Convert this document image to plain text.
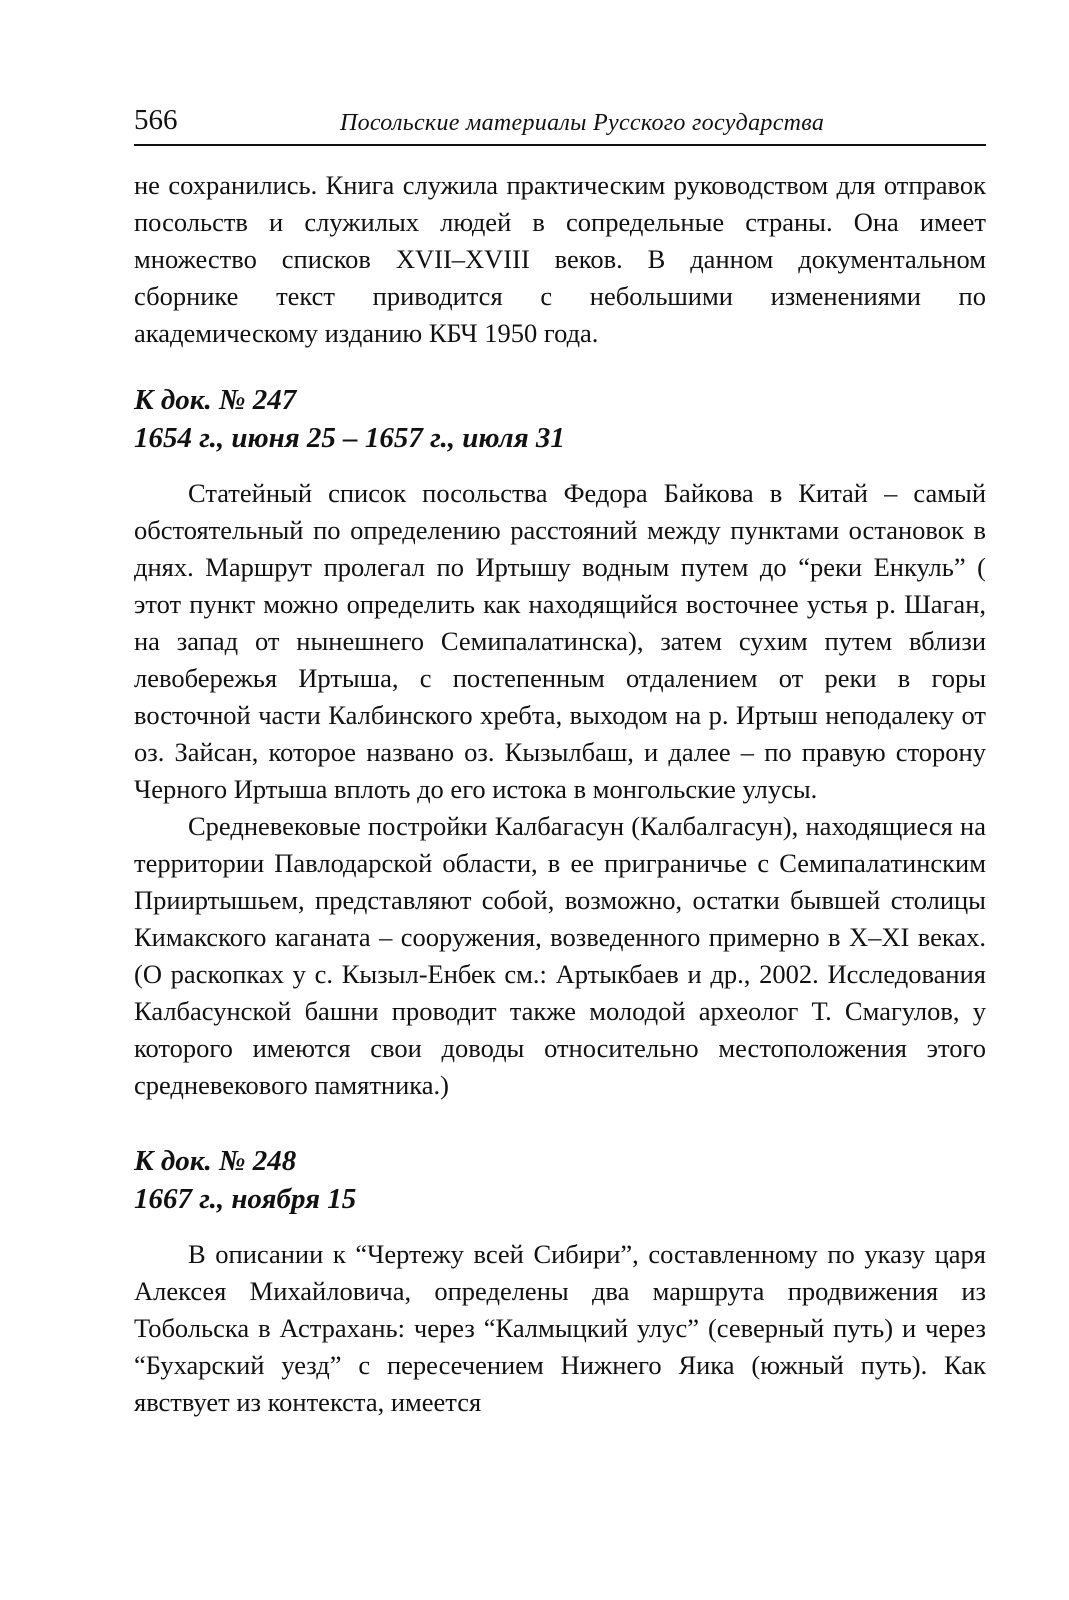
566	Посольские материалы Русского государства

не сохранились. Книга служила практическим руководством для отправок посольств и служилых людей в сопредельные страны. Она имеет множество списков XVII–XVIII веков. В данном документальном сборнике текст приводится с небольшими изменениями по академическому изданию КБЧ 1950 года.

К док. № 247
1654 г., июня 25 – 1657 г., июля 31

Статейный список посольства Федора Байкова в Китай – самый обстоятельный по определению расстояний между пунктами остановок в днях. Маршрут пролегал по Иртышу водным путем до “реки Енкуль” ( этот пункт можно определить как находящийся восточнее устья р. Шаган, на запад от нынешнего Семипалатинска), затем сухим путем вблизи левобережья Иртыша, с постепенным отдалением от реки в горы восточной части Калбинского хребта, выходом на р. Иртыш неподалеку от оз. Зайсан, которое названо оз. Кызылбаш, и далее – по правую сторону Черного Иртыша вплоть до его истока в монгольские улусы.

Средневековые постройки Калбагасун (Калбалгасун), находящиеся на территории Павлодарской области, в ее приграничье с Семипалатинским Прииртышьем, представляют собой, возможно, остатки бывшей столицы Кимакского каганата – сооружения, возведенного примерно в X–XI веках. (О раскопках у с. Кызыл-Енбек см.: Артыкбаев и др., 2002. Исследования Калбасунской башни проводит также молодой археолог Т. Смагулов, у которого имеются свои доводы относительно местоположения этого средневекового памятника.)

К док. № 248
1667 г., ноября 15

В описании к “Чертежу всей Сибири”, составленному по указу царя Алексея Михайловича, определены два маршрута продвижения из Тобольска в Астрахань: через “Калмыцкий улус” (северный путь) и через “Бухарский уезд” с пересечением Нижнего Яика (южный путь). Как явствует из контекста, имеется
